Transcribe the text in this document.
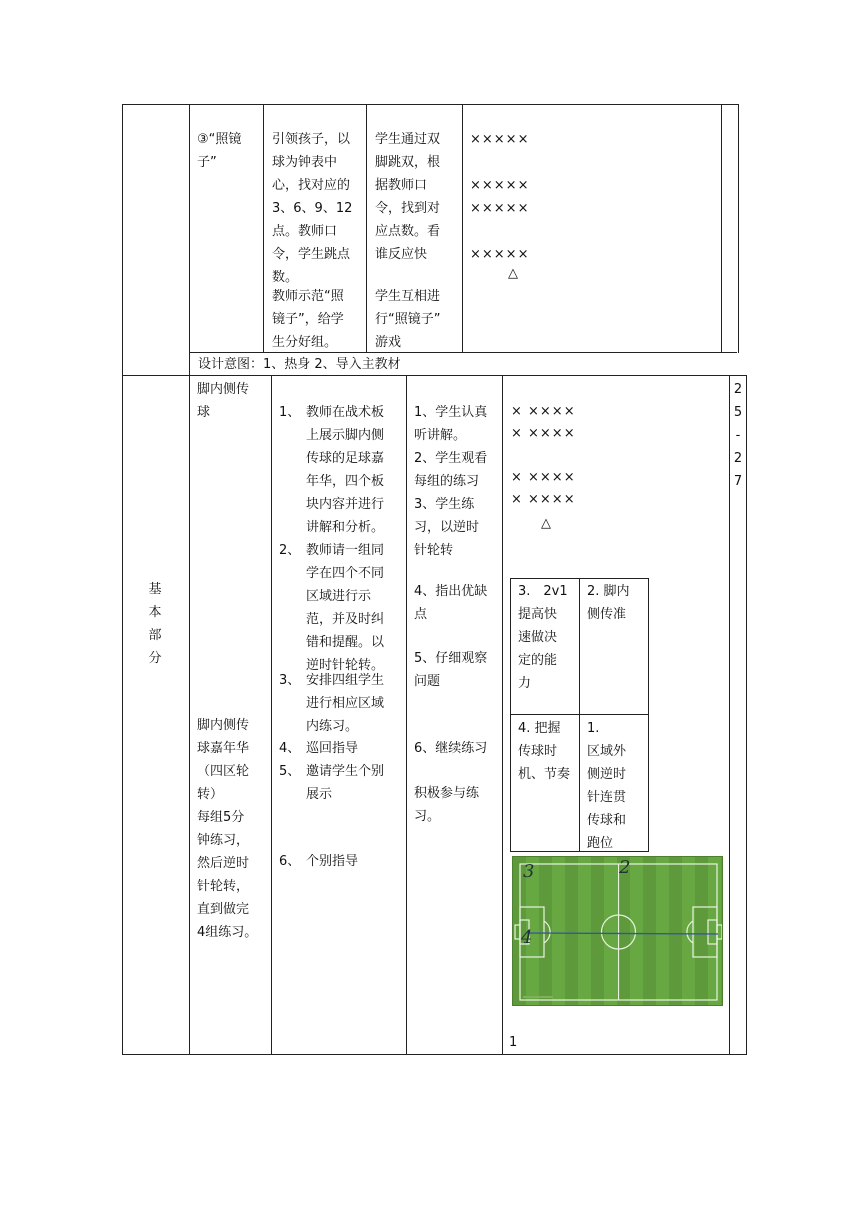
③“照镜
子”
引领孩子，以
球为钟表中
心，找对应的
3、6、9、12
点。教师口
令，学生跳点
数。
教师示范“照
镜子”，给学
生分好组。
学生通过双
脚跳双，根
据教师口
令，找到对
应点数。看
谁反应快
学生互相进
行“照镜子”
游戏
×××××
×××××
×××××
×××××
△
设计意图：1、热身 2、导入主教材
基
本
部
分
脚内侧传
球
脚内侧传
球嘉年华
（四区轮
转）
每组5分
钟练习，
然后逆时
针轮转，
直到做完
4组练习。
1、 教师在战术板
上展示脚内侧
传球的足球嘉
年华，四个板
块内容并进行
讲解和分析。
2、 教师请一组同
学在四个不同
区域进行示
范，并及时纠
错和提醒。以
逆时针轮转。
3、 安排四组学生
进行相应区域
内练习。
4、 巡回指导
5、 邀请学生个别
展示
6、 个别指导
1、学生认真
听讲解。
2、学生观看
每组的练习
3、学生练
习，以逆时
针轮转
4、指出优缺
点
5、仔细观察
问题
6、继续练习
积极参与练
习。
× ××××
× ××××
× ××××
× ××××
△
3.　2v1
提高快
速做决
定的能
力
2. 脚内
侧传准
4. 把握
传球时
机、节奏
1.
区域外
侧逆时
针连贯
传球和
跑位
3	2
4
1
2
5
-
2
7
